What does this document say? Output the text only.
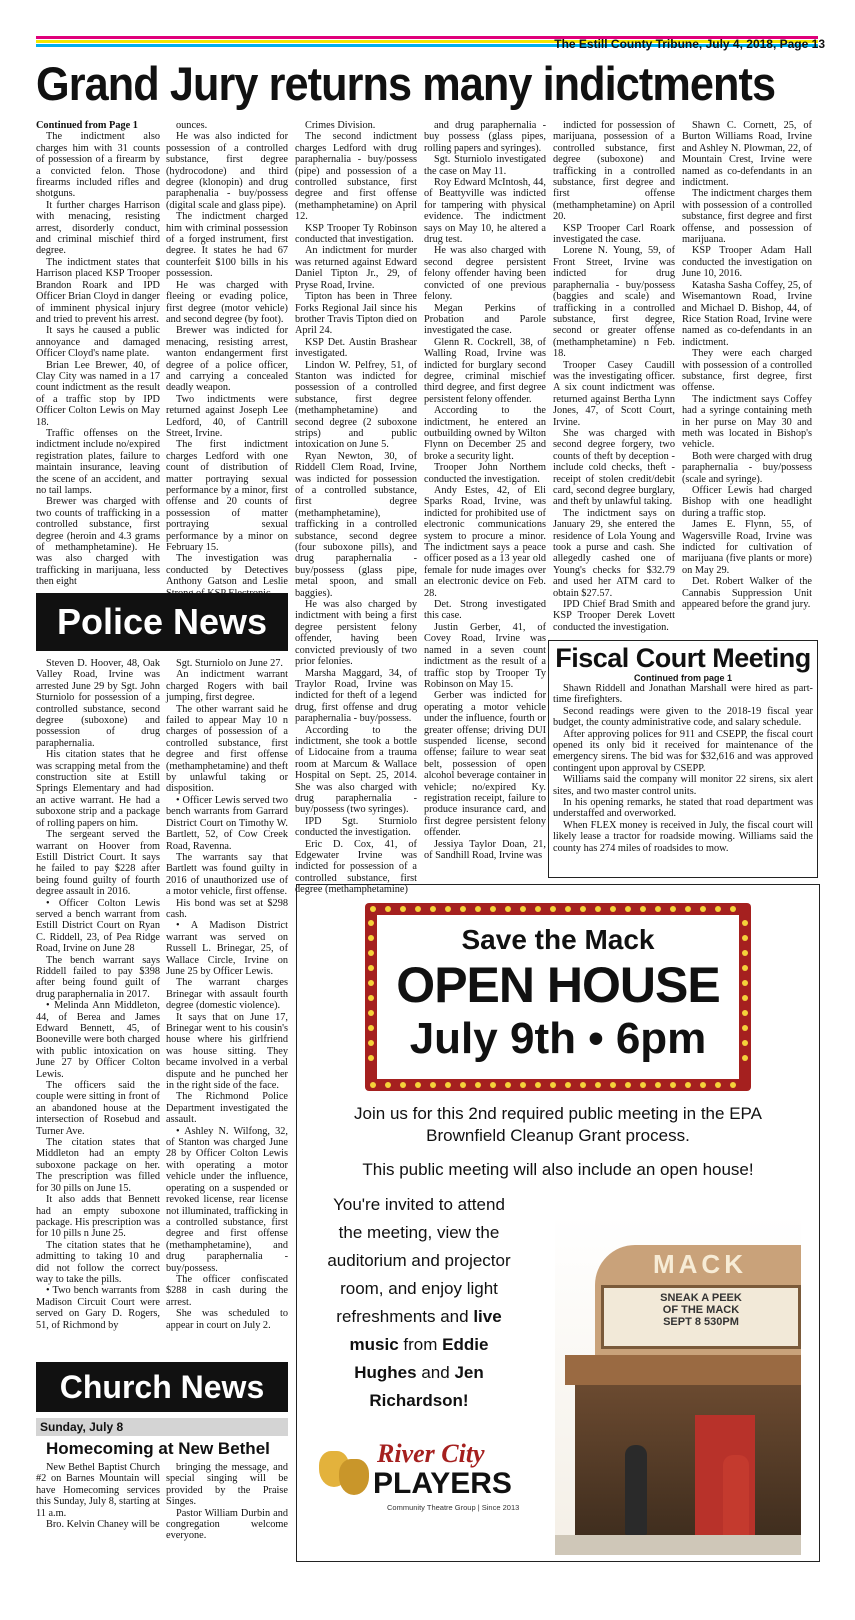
The Estill County Tribune, July 4, 2018, Page 13
Grand Jury returns many indictments

Continued from Page 1

The indictment also charges him with 31 counts of possession of a firearm by a convicted felon. Those firearms included rifles and shotguns.

It further charges Harrison with menacing, resisting arrest, disorderly conduct, and criminal mischief third degree.

The indictment states that Harrison placed KSP Trooper Brandon Roark and IPD Officer Brian Cloyd in danger of imminent physical injury and tried to prevent his arrest.

It says he caused a public annoyance and damaged Officer Cloyd's name plate.

Brian Lee Brewer, 40, of Clay City was named in a 17 count indictment as the result of a traffic stop by IPD Officer Colton Lewis on May 18.

Traffic offenses on the indictment include no/expired registration plates, failure to maintain insurance, leaving the scene of an accident, and no tail lamps.

Brewer was charged with two counts of trafficking in a controlled substance, first degree (heroin and 4.3 grams of methamphetamine). He was also charged with trafficking in marijuana, less then eight

ounces.

He was also indicted for possession of a controlled substance, first degree (hydrocodone) and third degree (klonopin) and drug paraphenalia - buy/possess (digital scale and glass pipe).

The indictment charged him with criminal possession of a forged instrument, first degree. It states he had 67 counterfeit $100 bills in his possession.

He was charged with fleeing or evading police, first degree (motor vehicle) and second degree (by foot).

Brewer was indicted for menacing, resisting arrest, wanton endangerment first degree of a police officer, and carrying a concealed deadly weapon.

Two indictments were returned against Joseph Lee Ledford, 40, of Cantrill Street, Irvine.

The first indictment charges Ledford with one count of distribution of matter portraying sexual performance by a minor, first offense and 20 counts of possession of matter portraying sexual performance by a minor on February 15.

The investigation was conducted by Detectives Anthony Gatson and Leslie

Crimes Division.

The second indictment charges Ledford with drug paraphernalia - buy/possess (pipe) and possession of a controlled substance, first degree and first offense (methamphetamine) on April 12.

KSP Trooper Ty Robinson conducted that investigation.

An indictment for murder was returned against Edward Daniel Tipton Jr., 29, of Pryse Road, Irvine.

Tipton has been in Three Forks Regional Jail since his brother Travis Tipton died on April 24.

KSP Det. Austin Brashear investigated.

Lindon W. Pelfrey, 51, of Stanton was indicted for possession of a controlled substance, first degree (methamphetamine) and second degree (2 suboxone strips) and public intoxication on June 5.

Ryan Newton, 30, of Riddell Clem Road, Irvine, was indicted for possession of a controlled substance, first degree (methamphetamine), trafficking in a controlled substance, second degree (four suboxone pills), and drug paraphernalia - buy/possess (glass pipe, metal spoon, and small baggies).

He was also charged by indictment with being a first degree persistent felony offender, having been convicted previously of two prior felonies.

Marsha Maggard, 34, of Traylor Road, Irvine was indicted for theft of a legend drug, first offense and drug paraphernalia - buy/possess.

According to the indictment, she took a bottle of Lidocaine from a trauma room at Marcum & Wallace Hospital on Sept. 25, 2014. She was also charged with drug paraphernalia - buy/possess (two syringes).

IPD Sgt. Sturniolo conducted the investigation.

Eric D. Cox, 41, of Edgewater Irvine was indicted for possession of a controlled substance, first degree (methamphetamine)

and drug paraphernalia - buy possess (glass pipes, rolling papers and syringes).

Sgt. Sturniolo investigated the case on May 11.

Roy Edward McIntosh, 44, of Beattyville was indicted for tampering with physical evidence. The indictment says on May 10, he altered a drug test.

He was also charged with second degree persistent felony offender having been convicted of one previous felony.

Megan Perkins of Probation and Parole investigated the case.

Glenn R. Cockrell, 38, of Walling Road, Irvine was indicted for burglary second degree, criminal mischief third degree, and first degree persistent felony offender.

According to the indictment, he entered an outbuilding owned by Wilton Flynn on December 25 and broke a security light.

Trooper John Northem conducted the investigation.

Andy Estes, 42, of Eli Sparks Road, Irvine, was indicted for prohibited use of electronic communications system to procure a minor. The indictment says a peace officer posed as a 13 year old female for nude images over an electronic device on Feb. 28.

Det. Strong investigated this case.

Justin Gerber, 41, of Covey Road, Irvine was named in a seven count indictment as the result of a traffic stop by Trooper Ty Robinson on May 15.

Gerber was indicted for operating a motor vehicle under the influence, fourth or greater offense; driving DUI suspended license, second offense; failure to wear seat belt, possession of open alcohol beverage container in vehicle; no/expired Ky. registration receipt, failure to produce insurance card, and first degree persistent felony offender.

Jessiya Taylor Doan, 21, of Sandhill Road, Irvine was

indicted for possession of marijuana, possession of a controlled substance, first degree (suboxone) and trafficking in a controlled substance, first degree and first offense (methamphetamine) on April 20.

KSP Trooper Carl Roark investigated the case.

Lorene N. Young, 59, of Front Street, Irvine was indicted for drug paraphernalia - buy/possess (baggies and scale) and trafficking in a controlled substance, first degree, second or greater offense (methamphetamine) n Feb. 18.

Trooper Casey Caudill was the investigating officer. A six count indictment was returned against Bertha Lynn Jones, 47, of Scott Court, Irvine.

She was charged with second degree forgery, two counts of theft by deception - include cold checks, theft - receipt of stolen credit/debit card, second degree burglary, and theft by unlawful taking.

The indictment says on January 29, she entered the residence of Lola Young and took a purse and cash. She allegedly cashed one of Young's checks for $32.79 and used her ATM card to obtain $27.57.

IPD Chief Brad Smith and KSP Trooper Derek Lovett conducted the investigation.

Shawn C. Cornett, 25, of Burton Williams Road, Irvine and Ashley N. Plowman, 22, of Mountain Crest, Irvine were named as co-defendants in an indictment.

The indictment charges them with possession of a controlled substance, first degree and first offense, and possession of marijuana.

KSP Trooper Adam Hall conducted the investigation on June 10, 2016.

Katasha Sasha Coffey, 25, of Wisemantown Road, Irvine and Michael D. Bishop, 44, of Rice Station Road, Irvine were named as co-defendants in an indictment.

They were each charged with possession of a controlled substance, first degree, first offense.

The indictment says Coffey had a syringe containing meth in her purse on May 30 and meth was located in Bishop's vehicle.

Both were charged with drug paraphernalia - buy/possess (scale and syringe).

Officer Lewis had charged Bishop with one headlight during a traffic stop.

James E. Flynn, 55, of Wagersville Road, Irvine was indicted for cultivation of marijuana (five plants or more) on May 29.

Det. Robert Walker of the Cannabis Suppression Unit appeared before the grand jury.

Police News

Steven D. Hoover, 48, Oak Valley Road, Irvine was arrested June 29 by Sgt. John Sturniolo for possession of a controlled substance, second degree (suboxone) and possession of drug paraphernalia.

His citation states that he was scrapping metal from the construction site at Estill Springs Elementary and had an active warrant. He had a suboxone strip and a package of rolling papers on him.

The sergeant served the warrant on Hoover from Estill District Court. It says he failed to pay $228 after being found guilty of fourth degree assault in 2016.

• Officer Colton Lewis served a bench warrant from Estill District Court on Ryan C. Riddell, 23, of Pea Ridge Road, Irvine on June 28

The bench warrant says Riddell failed to pay $398 after being found guilt of drug paraphernalia in 2017.

• Melinda Ann Middleton, 44, of Berea and James Edward Bennett, 45, of Booneville were both charged with public intoxication on June 27 by Officer Colton Lewis.

The officers said the couple were sitting in front of an abandoned house at the intersection of Rosebud and Turner Ave.

The citation states that Middleton had an empty suboxone package on her. The prescription was filled for 30 pills on June 15.

It also adds that Bennett had an empty suboxone package. His prescription was for 10 pills n June 25.

The citation states that he admitting to taking 10 and did not follow the correct way to take the pills.

• Two bench warrants from Madison Circuit Court were served on Gary D. Rogers, 51, of Richmond by

Sgt. Sturniolo on June 27.

An indictment warrant charged Rogers with bail jumping, first degree.

The other warrant said he failed to appear May 10 n charges of possession of a controlled substance, first degree and first offense (methamphetamine) and theft by unlawful taking or disposition.

• Officer Lewis served two bench warrants from Garrard District Court on Timothy W. Bartlett, 52, of Cow Creek Road, Ravenna.

The warrants say that Bartlett was found guilty in 2016 of unauthorized use of a motor vehicle, first offense.

His bond was set at $298 cash.

• A Madison District warrant was served on Russell L. Brinegar, 25, of Wallace Circle, Irvine on June 25 by Officer Lewis.

The warrant charges Brinegar with assault fourth degree (domestic violence).

It says that on June 17, Brinegar went to his cousin's house where his girlfriend was house sitting. They became involved in a verbal dispute and he punched her in the right side of the face.

The Richmond Police Department investigated the assault.

• Ashley N. Wilfong, 32, of Stanton was charged June 28 by Officer Colton Lewis with operating a motor vehicle under the influence, operating on a suspended or revoked license, rear license not illuminated, trafficking in a controlled substance, first degree and first offense (methamphetamine), and drug paraphernalia - buy/possess.

The officer confiscated $288 in cash during the arrest.

She was scheduled to appear in court on July 2.

Church News
Sunday, July 8
Homecoming at New Bethel

New Bethel Baptist Church #2 on Barnes Mountain will have Homecoming services this Sunday, July 8, starting at 11 a.m.

Bro. Kelvin Chaney will be

bringing the message, and special singing will be provided by the Praise Singes.

Pastor William Durbin and congregation welcome everyone.

Fiscal Court Meeting
Continued from page 1

Shawn Riddell and Jonathan Marshall were hired as part-time firefighters.

Second readings were given to the 2018-19 fiscal year budget, the county administrative code, and salary schedule.

After approving polices for 911 and CSEPP, the fiscal court opened its only bid it received for maintenance of the emergency sirens. The bid was for $32,616 and was approved contingent upon approval by CSEPP.

Williams said the company will monitor 22 sirens, six alert sites, and two master control units.

In his opening remarks, he stated that road department was understaffed and overworked.

When FLEX money is received in July, the fiscal court will likely lease a tractor for roadside mowing. Williams said the county has 274 miles of roadsides to mow.

Save the Mack
OPEN HOUSE
July 9th • 6pm
Join us for this 2nd required public meeting in the EPA Brownfield Cleanup Grant process.
This public meeting will also include an open house!
You're invited to attend the meeting, view the auditorium and projector room, and enjoy light refreshments and live music from Eddie Hughes and Jen Richardson!
MACK
SNEAK A PEEK
OF THE MACK
SEPT 8 530PM
River City
PLAYERS
Community Theatre Group | Since 2013
